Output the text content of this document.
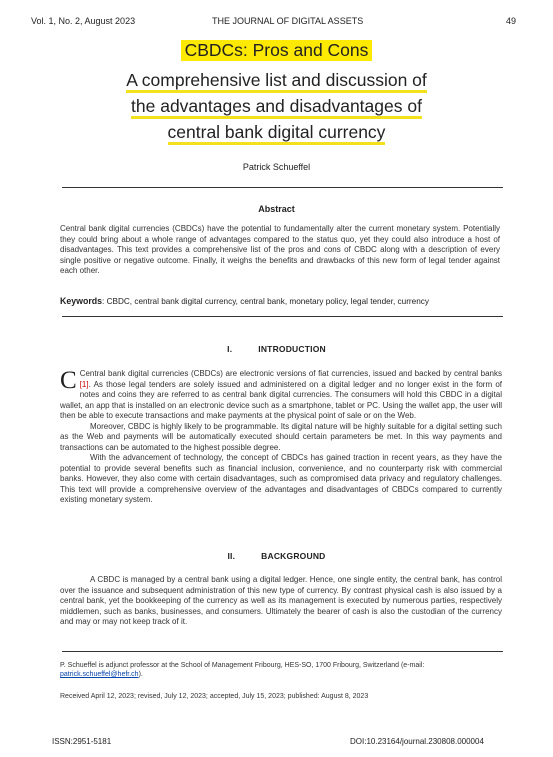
Vol. 1, No. 2, August 2023	THE JOURNAL OF DIGITAL ASSETS	49
CBDCs: Pros and Cons
A comprehensive list and discussion of
the advantages and disadvantages of
central bank digital currency
Patrick Schueffel
Abstract
Central bank digital currencies (CBDCs) have the potential to fundamentally alter the current monetary system. Potentially they could bring about a whole range of advantages compared to the status quo, yet they could also introduce a host of disadvantages. This text provides a comprehensive list of the pros and cons of CBDC along with a description of every single positive or negative outcome. Finally, it weighs the benefits and drawbacks of this new form of legal tender against each other.
Keywords: CBDC, central bank digital currency, central bank, monetary policy, legal tender, currency
I.	INTRODUCTION
C Central bank digital currencies (CBDCs) are electronic versions of fiat currencies, issued and backed by central banks [1]. As those legal tenders are solely issued and administered on a digital ledger and no longer exist in the form of notes and coins they are referred to as central bank digital currencies. The consumers will hold this CBDC in a digital wallet, an app that is installed on an electronic device such as a smartphone, tablet or PC. Using the wallet app, the user will then be able to execute transactions and make payments at the physical point of sale or on the Web.
Moreover, CBDC is highly likely to be programmable. Its digital nature will be highly suitable for a digital setting such as the Web and payments will be automatically executed should certain parameters be met. In this way payments and transactions can be automated to the highest possible degree.
With the advancement of technology, the concept of CBDCs has gained traction in recent years, as they have the potential to provide several benefits such as financial inclusion, convenience, and no counterparty risk with commercial banks. However, they also come with certain disadvantages, such as compromised data privacy and regulatory challenges. This text will provide a comprehensive overview of the advantages and disadvantages of CBDCs compared to currently existing monetary system.
II.	BACKGROUND
A CBDC is managed by a central bank using a digital ledger. Hence, one single entity, the central bank, has control over the issuance and subsequent administration of this new type of currency. By contrast physical cash is also issued by a central bank, yet the bookkeeping of the currency as well as its management is executed by numerous parties, respectively middlemen, such as banks, businesses, and consumers. Ultimately the bearer of cash is also the custodian of the currency and may or may not keep track of it.
P. Schueffel is adjunct professor at the School of Management Fribourg, HES-SO, 1700 Fribourg, Switzerland (e-mail: patrick.schueffel@hefr.ch).
Received April 12, 2023; revised, July 12, 2023; accepted, July 15, 2023; published: August 8, 2023
ISSN:2951-5181	DOI:10.23164/journal.230808.000004
